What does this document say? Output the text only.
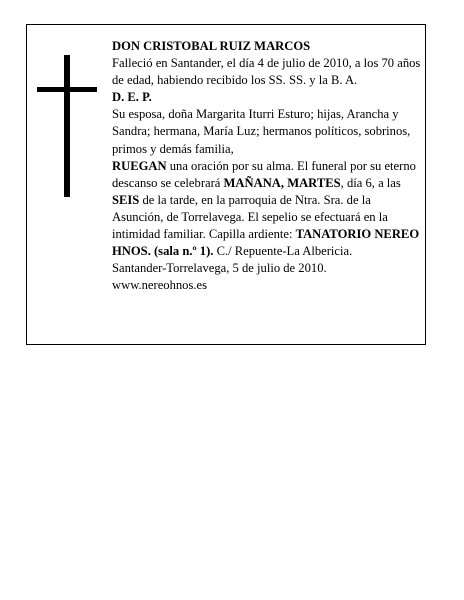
DON CRISTOBAL RUIZ MARCOS

Falleció en Santander, el día 4 de julio de 2010, a los 70 años

de edad, habiendo recibido los SS. SS. y la B. A.

D. E. P.

Su esposa, doña Margarita Iturri Esturo; hijas, Arancha y Sandra; hermana, María Luz; hermanos políticos, sobrinos, primos y demás familia,

RUEGAN una oración por su alma. El funeral por su eterno descanso se celebrará MAÑANA, MARTES, día 6, a las SEIS de la tarde, en la parroquia de Ntra. Sra. de la Asunción, de Torrelavega. El sepelio se efectuará en la intimidad familiar. Capilla ardiente: TANATORIO NEREO HNOS. (sala n.º 1). C./ Repuente-La Albericia.

Santander-Torrelavega, 5 de julio de 2010.

www.nereohnos.es
